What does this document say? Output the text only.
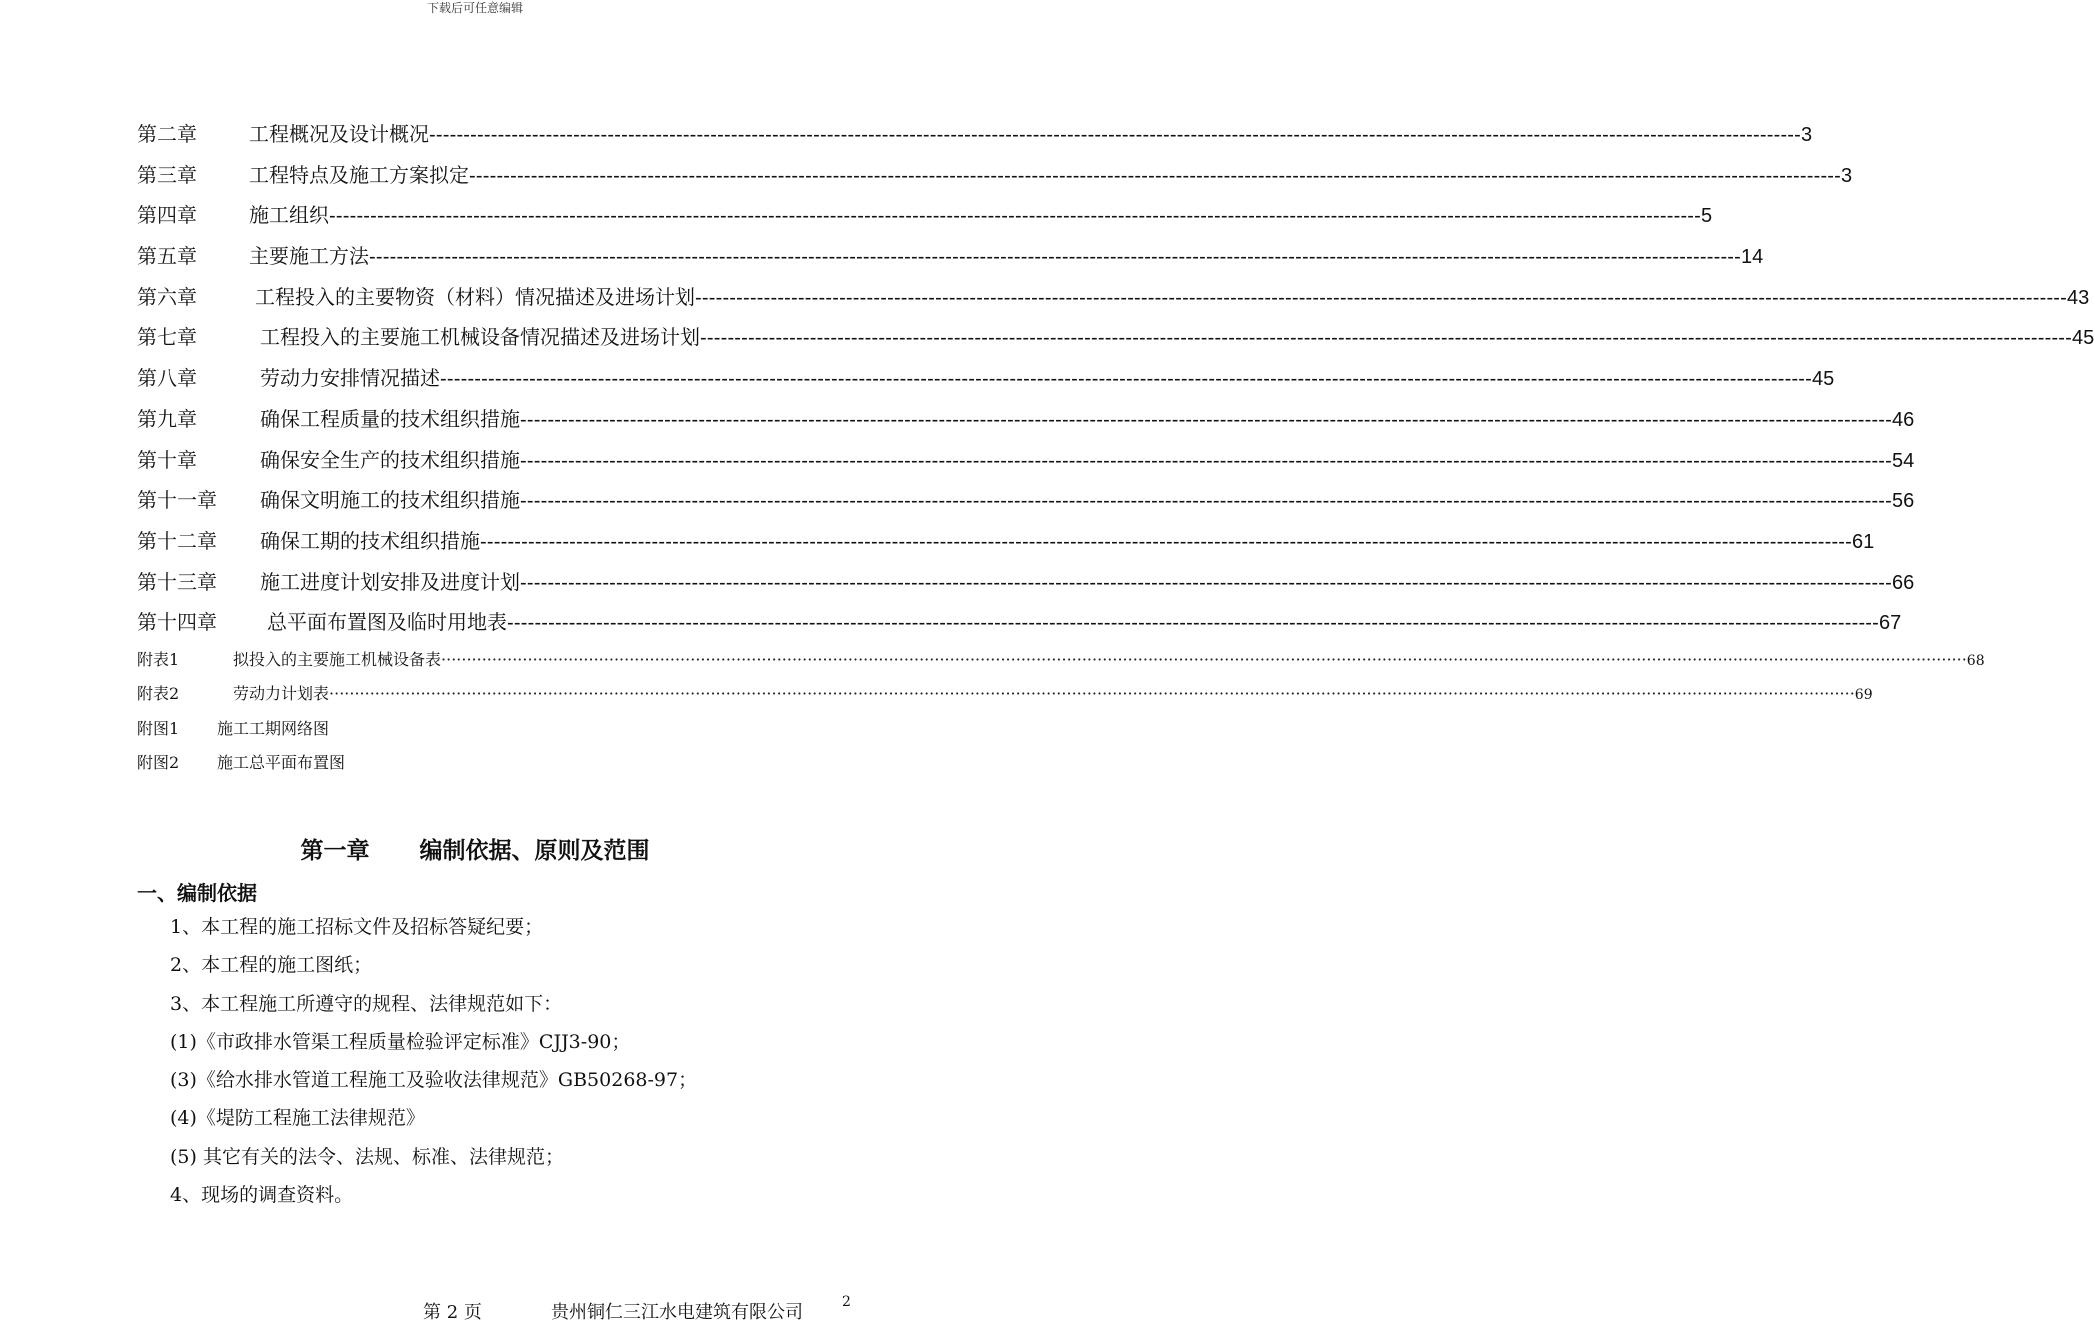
下载后可任意编辑
第二章	工程概况及设计概况 -------------------------------------------------------------------------------------------------------------------------------------------------------------------------------------------------------- 3
第三章	工程特点及施工方案拟定 -------------------------------------------------------------------------------------------------------------------------------------------------------------------------------------------------------- 3
第四章	施工组织 -------------------------------------------------------------------------------------------------------------------------------------------------------------------------------------------------------- 5
第五章	主要施工方法 -------------------------------------------------------------------------------------------------------------------------------------------------------------------------------------------------------- 14
第六章	工程投入的主要物资（材料）情况描述及进场计划 -------------------------------------------------------------------------------------------------------------------------------------------------------------------------------------------------------- 43
第七章	工程投入的主要施工机械设备情况描述及进场计划 -------------------------------------------------------------------------------------------------------------------------------------------------------------------------------------------------------- 45
第八章	劳动力安排情况描述 -------------------------------------------------------------------------------------------------------------------------------------------------------------------------------------------------------- 45
第九章	确保工程质量的技术组织措施 -------------------------------------------------------------------------------------------------------------------------------------------------------------------------------------------------------- 46
第十章	确保安全生产的技术组织措施 -------------------------------------------------------------------------------------------------------------------------------------------------------------------------------------------------------- 54
第十一章	确保文明施工的技术组织措施 -------------------------------------------------------------------------------------------------------------------------------------------------------------------------------------------------------- 56
第十二章	确保工期的技术组织措施 -------------------------------------------------------------------------------------------------------------------------------------------------------------------------------------------------------- 61
第十三章	施工进度计划安排及进度计划 -------------------------------------------------------------------------------------------------------------------------------------------------------------------------------------------------------- 66
第十四章	总平面布置图及临时用地表 -------------------------------------------------------------------------------------------------------------------------------------------------------------------------------------------------------- 67
附表1	拟投入的主要施工机械设备表 ············································································································································································································································································································ 68
附表2	劳动力计划表 ············································································································································································································································································································ 69
附图1	施工工期网络图
附图2	施工总平面布置图
第一章 编制依据、原则及范围
一、编制依据
1、本工程的施工招标文件及招标答疑纪要；
2、本工程的施工图纸；
3、本工程施工所遵守的规程、法律规范如下：
(1)《市政排水管渠工程质量检验评定标准》CJJ3-90；
(3)《给水排水管道工程施工及验收法律规范》GB50268-97；
(4)《堤防工程施工法律规范》
(5) 其它有关的法令、法规、标准、法律规范；
4、现场的调查资料。
第 2 页	贵州铜仁三江水电建筑有限公司	2
